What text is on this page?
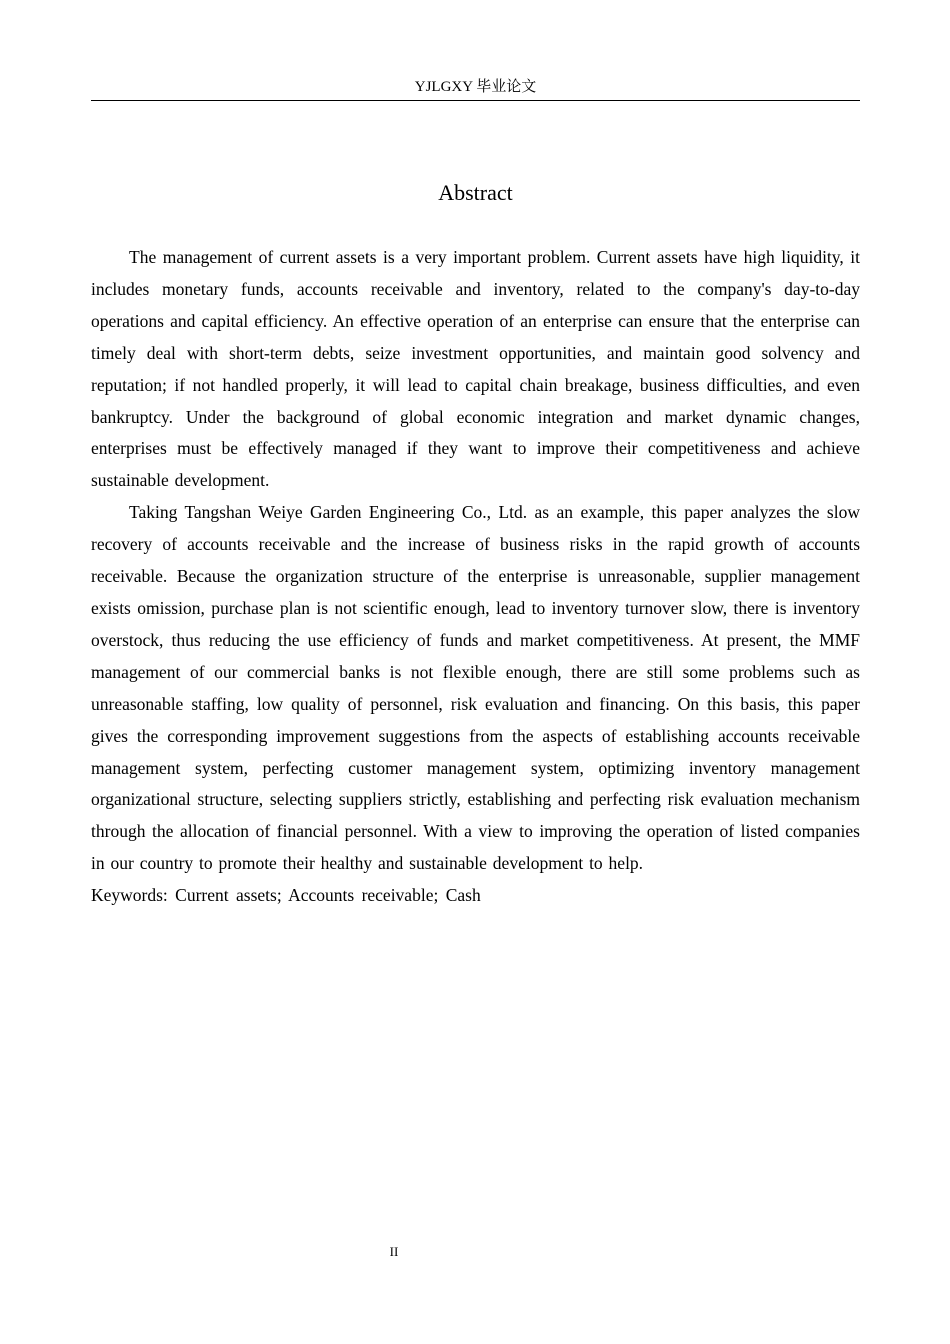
YJLGXY 毕业论文
Abstract

The management of current assets is a very important problem. Current assets have high liquidity, it includes monetary funds, accounts receivable and inventory, related to the company's day-to-day operations and capital efficiency. An effective operation of an enterprise can ensure that the enterprise can timely deal with short-term debts, seize investment opportunities, and maintain good solvency and reputation; if not handled properly, it will lead to capital chain breakage, business difficulties, and even bankruptcy. Under the background of global economic integration and market dynamic changes, enterprises must be effectively managed if they want to improve their competitiveness and achieve sustainable development.

Taking Tangshan Weiye Garden Engineering Co., Ltd. as an example, this paper analyzes the slow recovery of accounts receivable and the increase of business risks in the rapid growth of accounts receivable. Because the organization structure of the enterprise is unreasonable, supplier management exists omission, purchase plan is not scientific enough, lead to inventory turnover slow, there is inventory overstock, thus reducing the use efficiency of funds and market competitiveness. At present, the MMF management of our commercial banks is not flexible enough, there are still some problems such as unreasonable staffing, low quality of personnel, risk evaluation and financing. On this basis, this paper gives the corresponding improvement suggestions from the aspects of establishing accounts receivable management system, perfecting customer management system, optimizing inventory management organizational structure, selecting suppliers strictly, establishing and perfecting risk evaluation mechanism through the allocation of financial personnel. With a view to improving the operation of listed companies in our country to promote their healthy and sustainable development to help.

Keywords: Current assets; Accounts receivable; Cash

II
